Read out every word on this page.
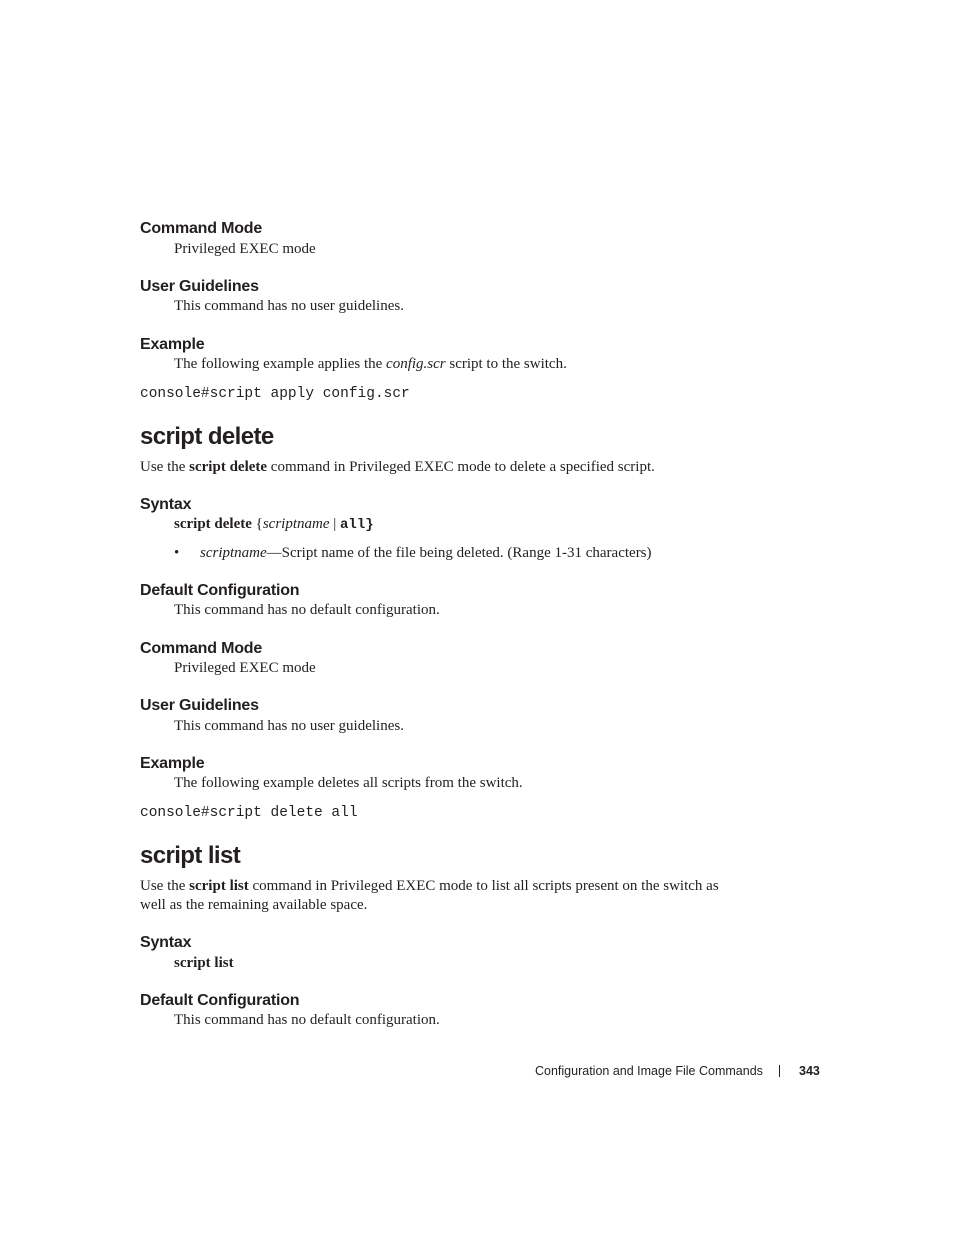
Command Mode
Privileged EXEC mode
User Guidelines
This command has no user guidelines.
Example
The following example applies the config.scr script to the switch.
console#script apply config.scr
script delete
Use the script delete command in Privileged EXEC mode to delete a specified script.
Syntax
script delete {scriptname | all}
• scriptname—Script name of the file being deleted. (Range 1-31 characters)
Default Configuration
This command has no default configuration.
Command Mode
Privileged EXEC mode
User Guidelines
This command has no user guidelines.
Example
The following example deletes all scripts from the switch.
console#script delete all
script list
Use the script list command in Privileged EXEC mode to list all scripts present on the switch as
well as the remaining available space.
Syntax
script list
Default Configuration
This command has no default configuration.
Configuration and Image File Commands	343
